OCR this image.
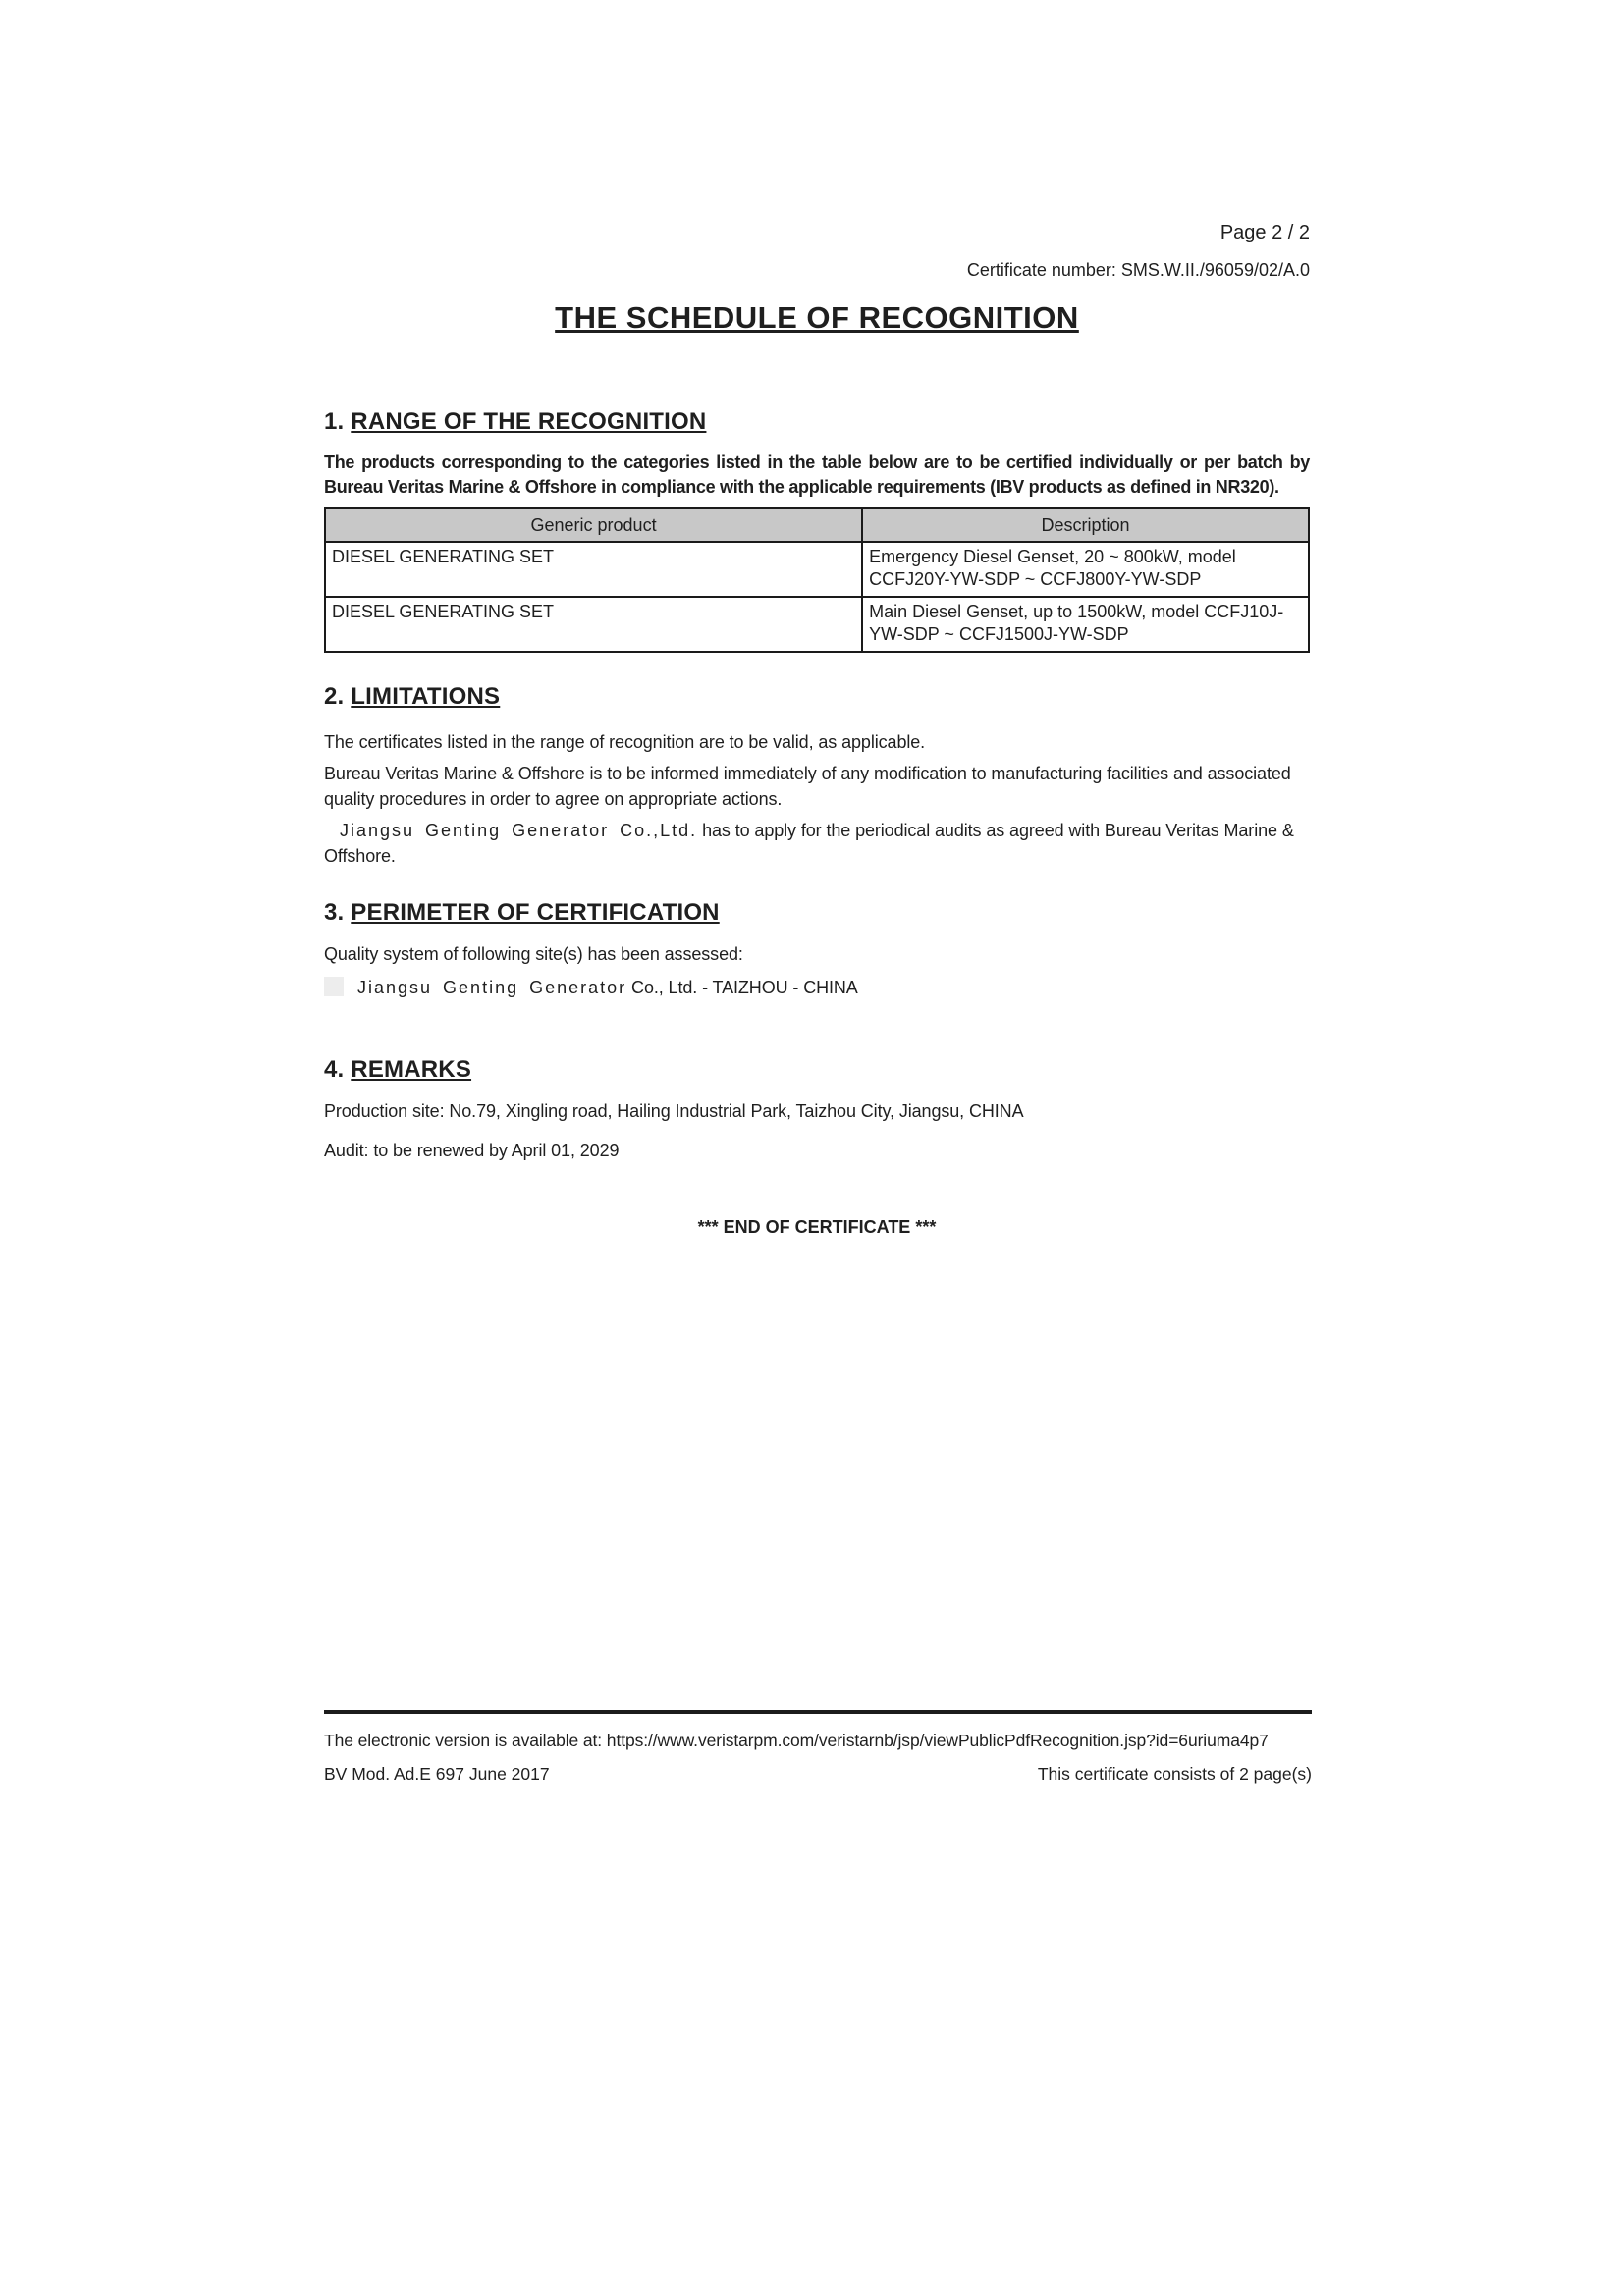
Page 2 / 2
Certificate number: SMS.W.II./96059/02/A.0
THE SCHEDULE OF RECOGNITION
1. RANGE OF THE RECOGNITION

The products corresponding to the categories listed in the table below are to be certified individually or per batch by Bureau Veritas Marine & Offshore in compliance with the applicable requirements (IBV products as defined in NR320).

Generic product	Description
DIESEL GENERATING SET	Emergency Diesel Genset, 20 ~ 800kW, model CCFJ20Y-YW-SDP ~ CCFJ800Y-YW-SDP
DIESEL GENERATING SET	Main Diesel Genset, up to 1500kW, model CCFJ10J-YW-SDP ~ CCFJ1500J-YW-SDP
2. LIMITATIONS

The certificates listed in the range of recognition are to be valid, as applicable.

Bureau Veritas Marine & Offshore is to be informed immediately of any modification to manufacturing facilities and associated quality procedures in order to agree on appropriate actions.

Jiangsu Genting Generator Co.,Ltd. has to apply for the periodical audits as agreed with Bureau Veritas Marine & Offshore.

3. PERIMETER OF CERTIFICATION

Quality system of following site(s) has been assessed:

Jiangsu Genting Generator Co., Ltd. - TAIZHOU - CHINA

4. REMARKS

Production site: No.79, Xingling road, Hailing Industrial Park, Taizhou City, Jiangsu, CHINA

Audit: to be renewed by April 01, 2029

*** END OF CERTIFICATE ***

The electronic version is available at: https://www.veristarpm.com/veristarnb/jsp/viewPublicPdfRecognition.jsp?id=6uriuma4p7

BV Mod. Ad.E 697 June 2017	This certificate consists of 2 page(s)
